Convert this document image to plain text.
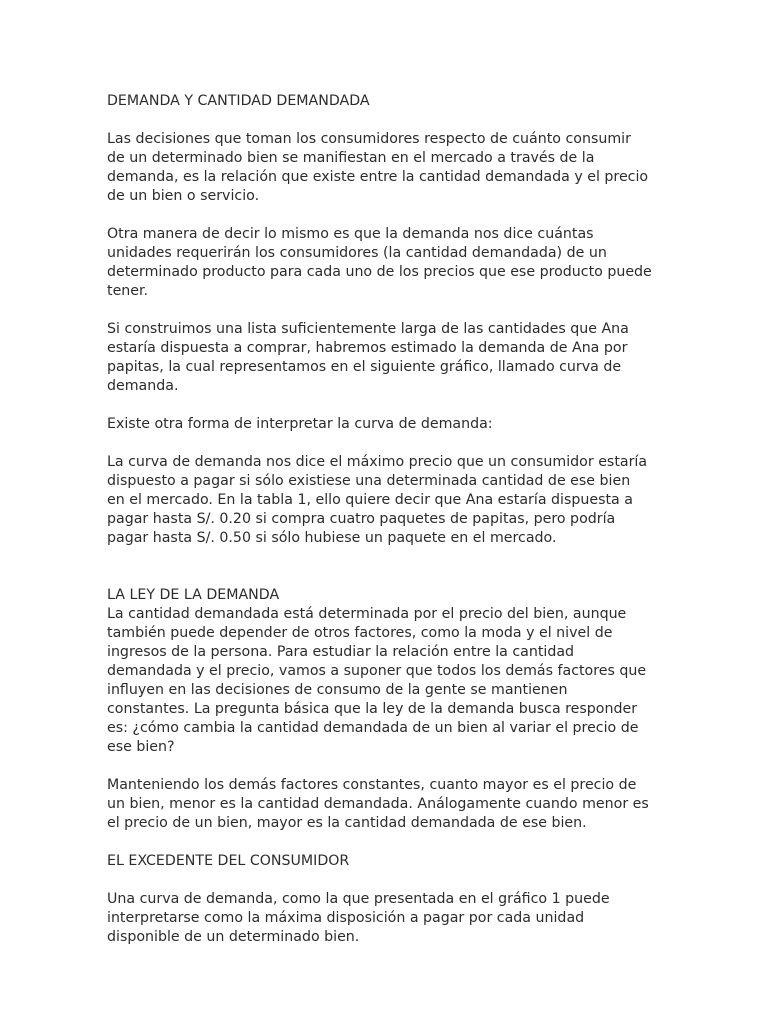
DEMANDA Y CANTIDAD DEMANDADA
Las decisiones que toman los consumidores respecto de cuánto consumir
de un determinado bien se manifiestan en el mercado a través de la
demanda, es la relación que existe entre la cantidad demandada y el precio
de un bien o servicio.
Otra manera de decir lo mismo es que la demanda nos dice cuántas
unidades requerirán los consumidores (la cantidad demandada) de un
determinado producto para cada uno de los precios que ese producto puede
tener.
Si construimos una lista suficientemente larga de las cantidades que Ana
estaría dispuesta a comprar, habremos estimado la demanda de Ana por
papitas, la cual representamos en el siguiente gráfico, llamado curva de
demanda.
Existe otra forma de interpretar la curva de demanda:
La curva de demanda nos dice el máximo precio que un consumidor estaría
dispuesto a pagar si sólo existiese una determinada cantidad de ese bien
en el mercado. En la tabla 1, ello quiere decir que Ana estaría dispuesta a
pagar hasta S/. 0.20 si compra cuatro paquetes de papitas, pero podría
pagar hasta S/. 0.50 si sólo hubiese un paquete en el mercado.
LA LEY DE LA DEMANDA
La cantidad demandada está determinada por el precio del bien, aunque
también puede depender de otros factores, como la moda y el nivel de
ingresos de la persona. Para estudiar la relación entre la cantidad
demandada y el precio, vamos a suponer que todos los demás factores que
influyen en las decisiones de consumo de la gente se mantienen
constantes. La pregunta básica que la ley de la demanda busca responder
es: ¿cómo cambia la cantidad demandada de un bien al variar el precio de
ese bien?
Manteniendo los demás factores constantes, cuanto mayor es el precio de
un bien, menor es la cantidad demandada. Análogamente cuando menor es
el precio de un bien, mayor es la cantidad demandada de ese bien.
EL EXCEDENTE DEL CONSUMIDOR
Una curva de demanda, como la que presentada en el gráfico 1 puede
interpretarse como la máxima disposición a pagar por cada unidad
disponible de un determinado bien.
